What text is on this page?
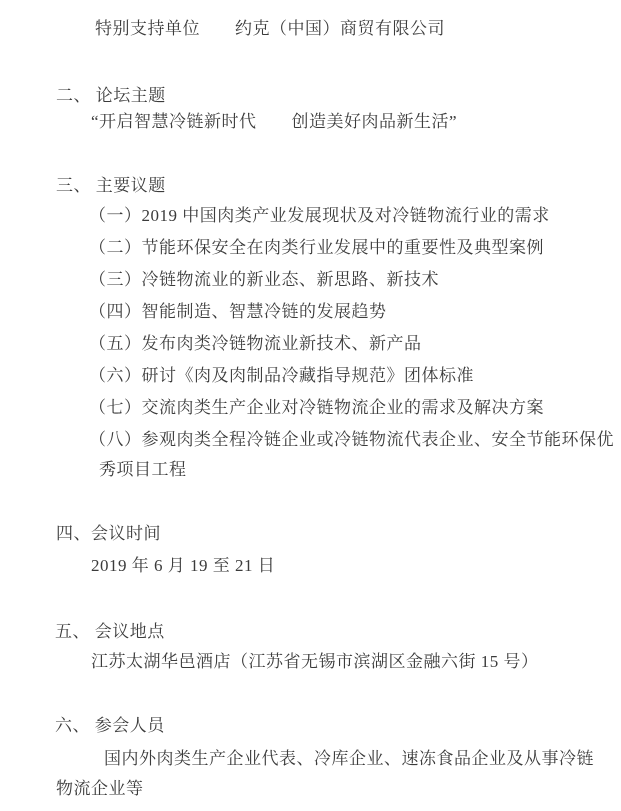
特别支持单位　　约克（中国）商贸有限公司
二、 论坛主题
“开启智慧冷链新时代　　创造美好肉品新生活”
三、 主要议题
（一）2019 中国肉类产业发展现状及对冷链物流行业的需求
（二）节能环保安全在肉类行业发展中的重要性及典型案例
（三）冷链物流业的新业态、新思路、新技术
（四）智能制造、智慧冷链的发展趋势
（五）发布肉类冷链物流业新技术、新产品
（六）研讨《肉及肉制品冷藏指导规范》团体标准
（七）交流肉类生产企业对冷链物流企业的需求及解决方案
（八）参观肉类全程冷链企业或冷链物流代表企业、安全节能环保优
秀项目工程
四、会议时间
2019 年 6 月 19 至 21 日
五、 会议地点
江苏太湖华邑酒店（江苏省无锡市滨湖区金融六街 15 号）
六、 参会人员
国内外肉类生产企业代表、冷库企业、速冻食品企业及从事冷链
物流企业等
